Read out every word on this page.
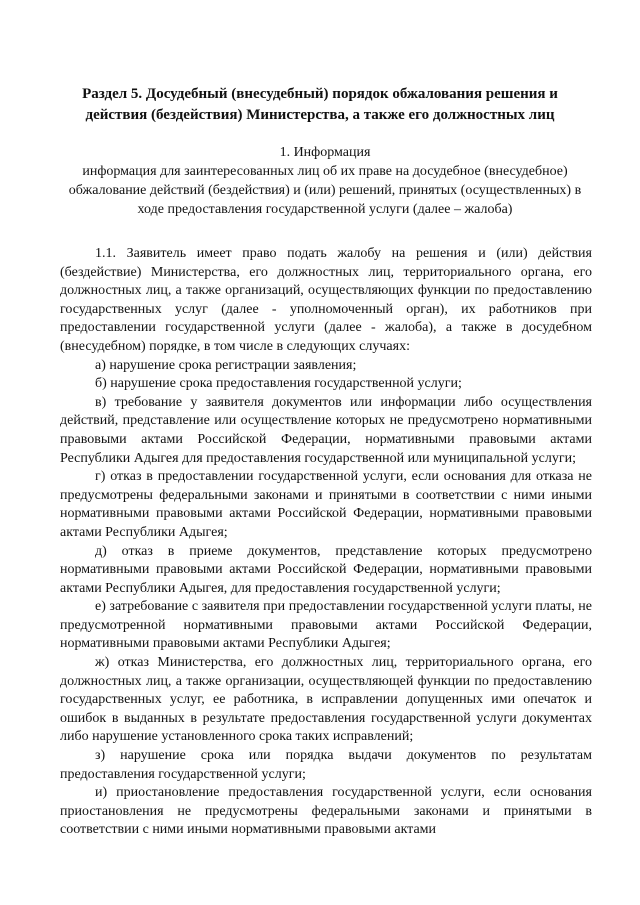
Раздел 5. Досудебный (внесудебный) порядок обжалования решения и действия (бездействия) Министерства, а также его должностных лиц

1. Информация

информация для заинтересованных лиц об их праве на досудебное (внесудебное) обжалование действий (бездействия) и (или) решений, принятых (осуществленных) в ходе предоставления государственной услуги (далее – жалоба)

1.1. Заявитель имеет право подать жалобу на решения и (или) действия (бездействие) Министерства, его должностных лиц, территориального органа, его должностных лиц, а также организаций, осуществляющих функции по предоставлению государственных услуг (далее - уполномоченный орган), их работников при предоставлении государственной услуги (далее - жалоба), а также в досудебном (внесудебном) порядке, в том числе в следующих случаях:

а) нарушение срока регистрации заявления;

б) нарушение срока предоставления государственной услуги;

в) требование у заявителя документов или информации либо осуществления действий, представление или осуществление которых не предусмотрено нормативными правовыми актами Российской Федерации, нормативными правовыми актами Республики Адыгея для предоставления государственной или муниципальной услуги;

г) отказ в предоставлении государственной услуги, если основания для отказа не предусмотрены федеральными законами и принятыми в соответствии с ними иными нормативными правовыми актами Российской Федерации, нормативными правовыми актами Республики Адыгея;

д) отказ в приеме документов, представление которых предусмотрено нормативными правовыми актами Российской Федерации, нормативными правовыми актами Республики Адыгея, для предоставления государственной услуги;

е) затребование с заявителя при предоставлении государственной услуги платы, не предусмотренной нормативными правовыми актами Российской Федерации, нормативными правовыми актами Республики Адыгея;

ж) отказ Министерства, его должностных лиц, территориального органа, его должностных лиц, а также организации, осуществляющей функции по предоставлению государственных услуг, ее работника, в исправлении допущенных ими опечаток и ошибок в выданных в результате предоставления государственной услуги документах либо нарушение установленного срока таких исправлений;

з) нарушение срока или порядка выдачи документов по результатам предоставления государственной услуги;

и) приостановление предоставления государственной услуги, если основания приостановления не предусмотрены федеральными законами и принятыми в соответствии с ними иными нормативными правовыми актами
